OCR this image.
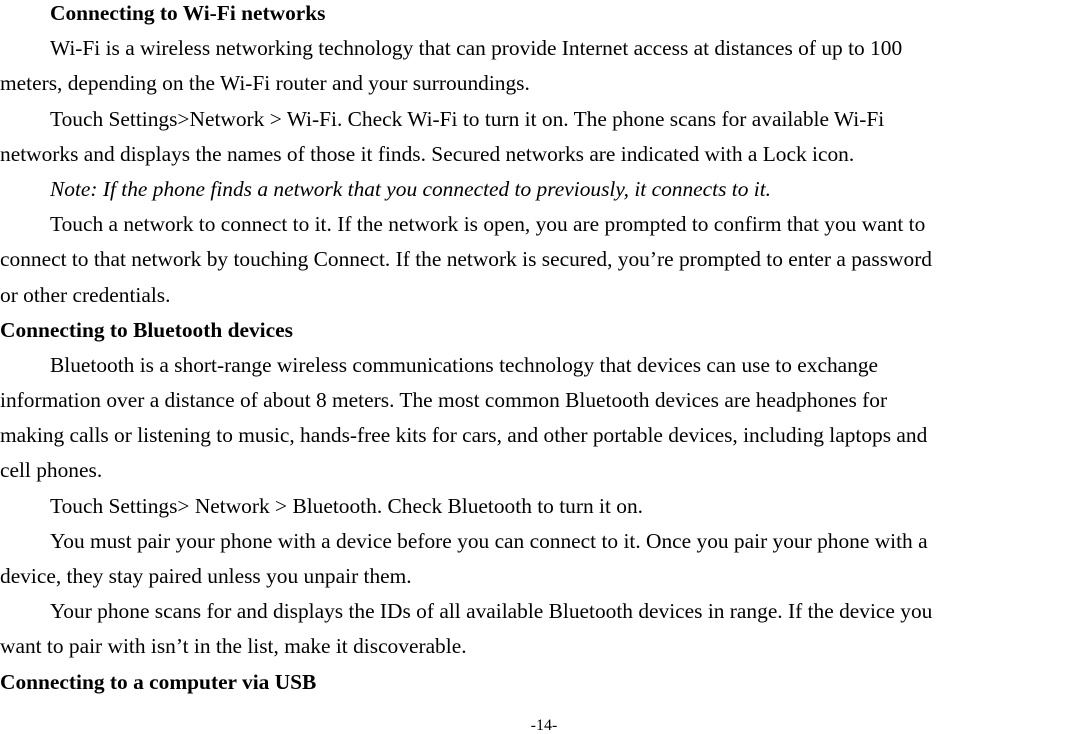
Connecting to Wi-Fi networks
Wi-Fi is a wireless networking technology that can provide Internet access at distances of up to 100
meters, depending on the Wi-Fi router and your surroundings.
Touch Settings>Network > Wi-Fi. Check Wi-Fi to turn it on. The phone scans for available Wi-Fi
networks and displays the names of those it finds. Secured networks are indicated with a Lock icon.
Note: If the phone finds a network that you connected to previously, it connects to it.
Touch a network to connect to it. If the network is open, you are prompted to confirm that you want to
connect to that network by touching Connect. If the network is secured, you’re prompted to enter a password
or other credentials.
Connecting to Bluetooth devices
Bluetooth is a short-range wireless communications technology that devices can use to exchange
information over a distance of about 8 meters. The most common Bluetooth devices are headphones for
making calls or listening to music, hands-free kits for cars, and other portable devices, including laptops and
cell phones.
Touch Settings> Network > Bluetooth. Check Bluetooth to turn it on.
You must pair your phone with a device before you can connect to it. Once you pair your phone with a
device, they stay paired unless you unpair them.
Your phone scans for and displays the IDs of all available Bluetooth devices in range. If the device you
want to pair with isn’t in the list, make it discoverable.
Connecting to a computer via USB
-14-
